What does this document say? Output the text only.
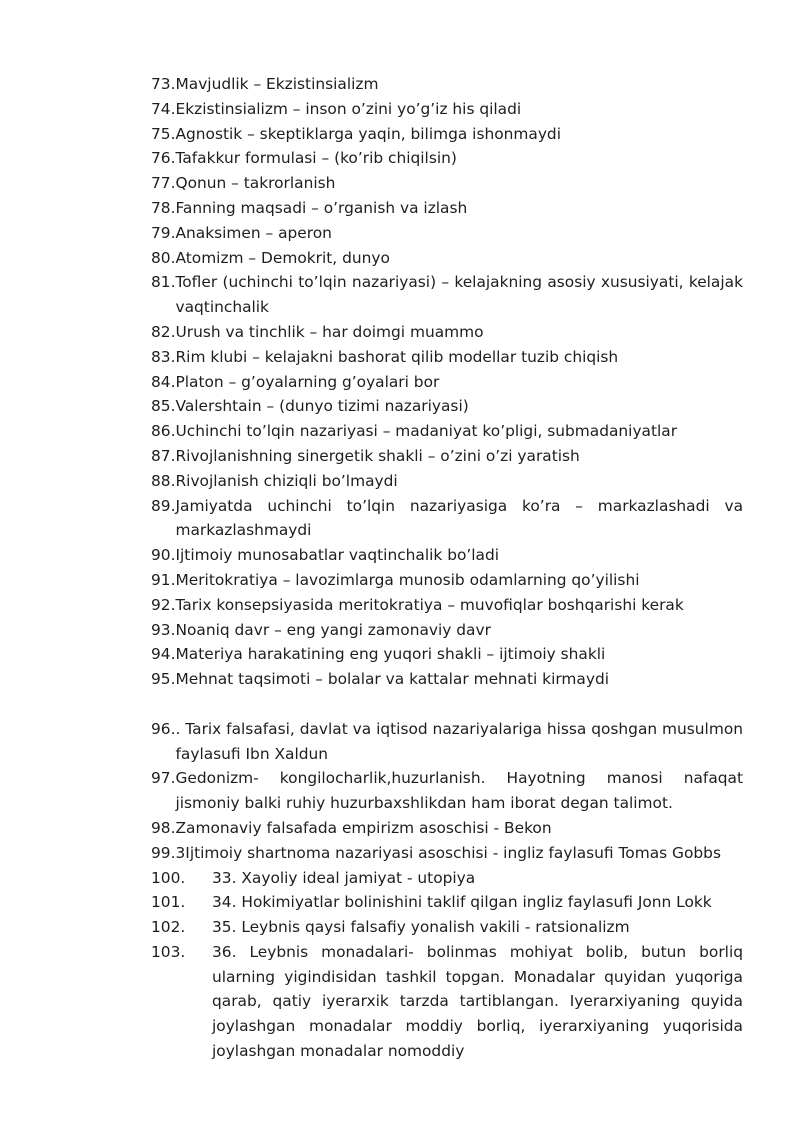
73. Mavjudlik – Ekzistinsializm
74. Ekzistinsializm – inson o’zini yo’g’iz his qiladi
75. Agnostik – skeptiklarga yaqin, bilimga ishonmaydi
76. Tafakkur formulasi – (ko’rib chiqilsin)
77. Qonun – takrorlanish
78. Fanning maqsadi – o’rganish va izlash
79. Anaksimen – aperon
80. Atomizm – Demokrit, dunyo
81. Tofler (uchinchi to’lqin nazariyasi) – kelajakning asosiy xususiyati, kelajak vaqtinchalik
82. Urush va tinchlik – har doimgi muammo
83. Rim klubi – kelajakni bashorat qilib modellar tuzib chiqish
84. Platon – g’oyalarning g’oyalari bor
85. Valershtain – (dunyo tizimi nazariyasi)
86. Uchinchi to’lqin nazariyasi – madaniyat ko’pligi, submadaniyatlar
87. Rivojlanishning sinergetik shakli – o’zini o’zi yaratish
88. Rivojlanish chiziqli bo’lmaydi
89. Jamiyatda uchinchi to’lqin nazariyasiga ko’ra – markazlashadi va markazlashmaydi
90. Ijtimoiy munosabatlar vaqtinchalik bo’ladi
91. Meritokratiya – lavozimlarga munosib odamlarning qo’yilishi
92. Tarix konsepsiyasida meritokratiya – muvofiqlar boshqarishi kerak
93. Noaniq davr – eng yangi zamonaviy davr
94. Materiya harakatining eng yuqori shakli – ijtimoiy shakli
95. Mehnat taqsimoti – bolalar va kattalar mehnati kirmaydi
96. . Tarix falsafasi, davlat va iqtisod nazariyalariga hissa qoshgan musulmon faylasufi Ibn Xaldun
97. Gedonizm- kongilocharlik,huzurlanish. Hayotning manosi nafaqat jismoniy balki ruhiy huzurbaxshlikdan ham iborat degan talimot.
98. Zamonaviy falsafada empirizm asoschisi - Bekon
99. 3Ijtimoiy shartnoma nazariyasi asoschisi - ingliz faylasufi Tomas Gobbs
100.	33. Xayoliy ideal jamiyat - utopiya
101.	34. Hokimiyatlar bolinishini taklif qilgan ingliz faylasufi Jonn Lokk
102.	35. Leybnis qaysi falsafiy yonalish vakili - ratsionalizm
103.	36. Leybnis monadalari- bolinmas mohiyat bolib, butun borliq ularning yigindisidan tashkil topgan. Monadalar quyidan yuqoriga qarab, qatiy iyerarxik tarzda tartiblangan. Iyerarxiyaning quyida joylashgan monadalar moddiy borliq, iyerarxiyaning yuqorisida joylashgan monadalar nomoddiy
